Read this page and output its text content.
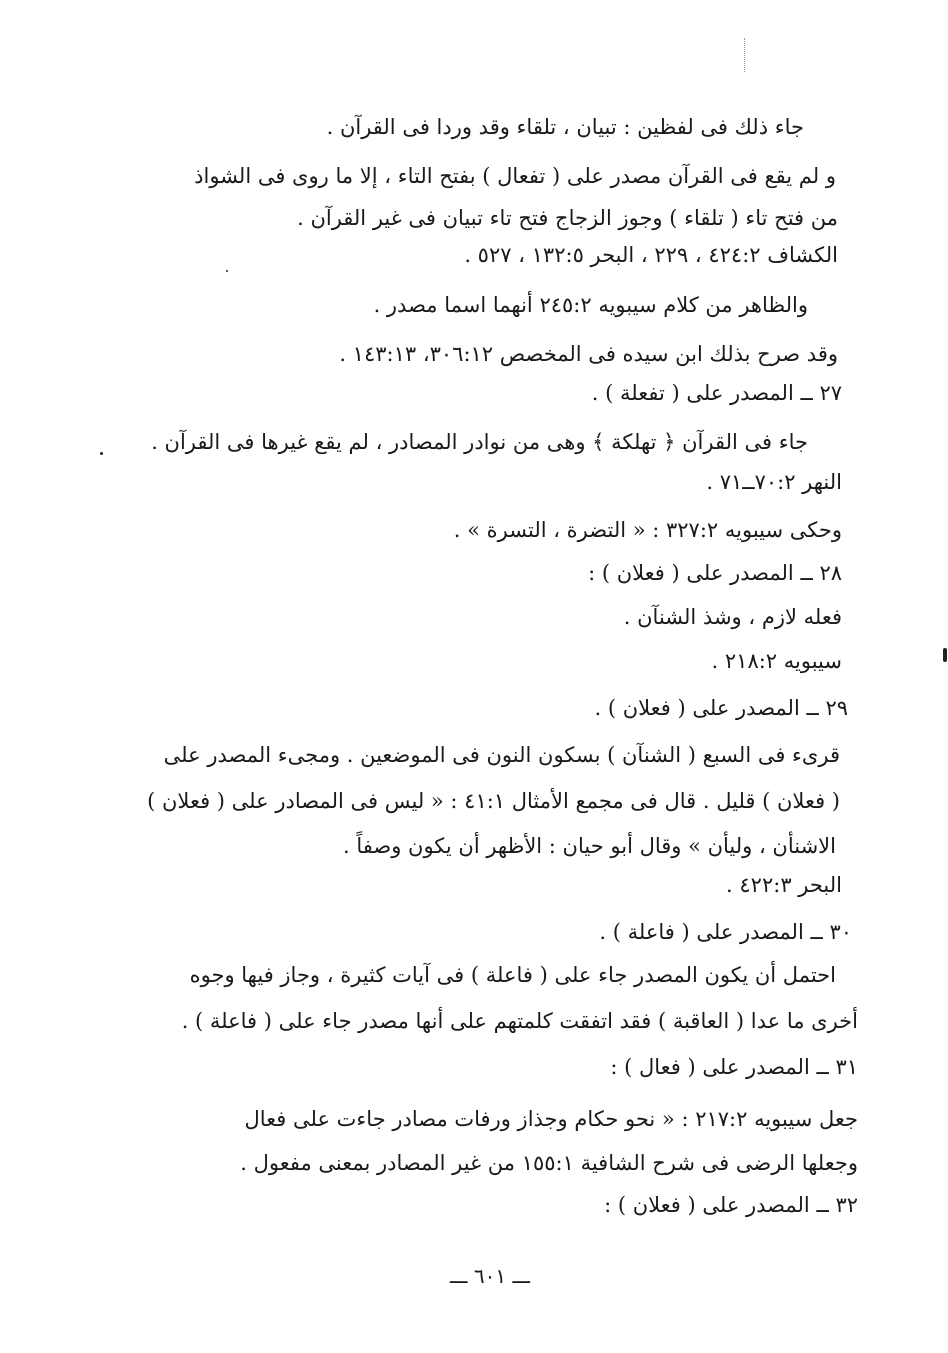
جاء ذلك فى لفظين : تبيان ، تلقاء وقد وردا فى القرآن .
و لم يقع فى القرآن مصدر على ( تفعال ) بفتح التاء ، إلا ما روى فى الشواذ
من فتح تاء ( تلقاء ) وجوز الزجاج فتح تاء تبيان فى غير القرآن .
الكشاف ٤٢٤:٢ ، ٢٢٩ ، البحر ١٣٢:٥ ، ٥٢٧ .
والظاهر من كلام سيبويه ٢٤٥:٢ أنهما اسما مصدر .
وقد صرح بذلك ابن سيده فى المخصص ٣٠٦:١٢، ١٤٣:١٣ .
٢٧ ــ المصدر على ( تفعلة ) .
جاء فى القرآن ﴿ تهلكة ﴾ وهى من نوادر المصادر ، لم يقع غيرها فى القرآن .
النهر ٧٠:٢ــ٧١ .
وحكى سيبويه ٣٢٧:٢ : « التضرة ، التسرة » .
٢٨ ــ المصدر على ( فعلان ) :
فعله لازم ، وشذ الشنآن .
سيبويه ٢١٨:٢ .
٢٩ ــ المصدر على ( فعلان ) .
قرىء فى السبع ( الشنآن ) بسكون النون فى الموضعين . ومجىء المصدر على
( فعلان ) قليل . قال فى مجمع الأمثال ٤١:١ : « ليس فى المصادر على ( فعلان )
الاشنأن ، وليأن » وقال أبو حيان : الأظهر أن يكون وصفاً .
البحر ٤٢٢:٣ .
٣٠ ــ المصدر على ( فاعلة ) .
احتمل أن يكون المصدر جاء على ( فاعلة ) فى آيات كثيرة ، وجاز فيها وجوه
أخرى ما عدا ( العاقبة ) فقد اتفقت كلمتهم على أنها مصدر جاء على ( فاعلة ) .
٣١ ــ المصدر على ( فعال ) :
جعل سيبويه ٢١٧:٢ : « نحو حكام وجذاز ورفات مصادر جاءت على فعال
وجعلها الرضى فى شرح الشافية ١٥٥:١ من غير المصادر بمعنى مفعول .
٣٢ ــ المصدر على ( فعلان ) :
ـــ ٦٠١ ـــ
